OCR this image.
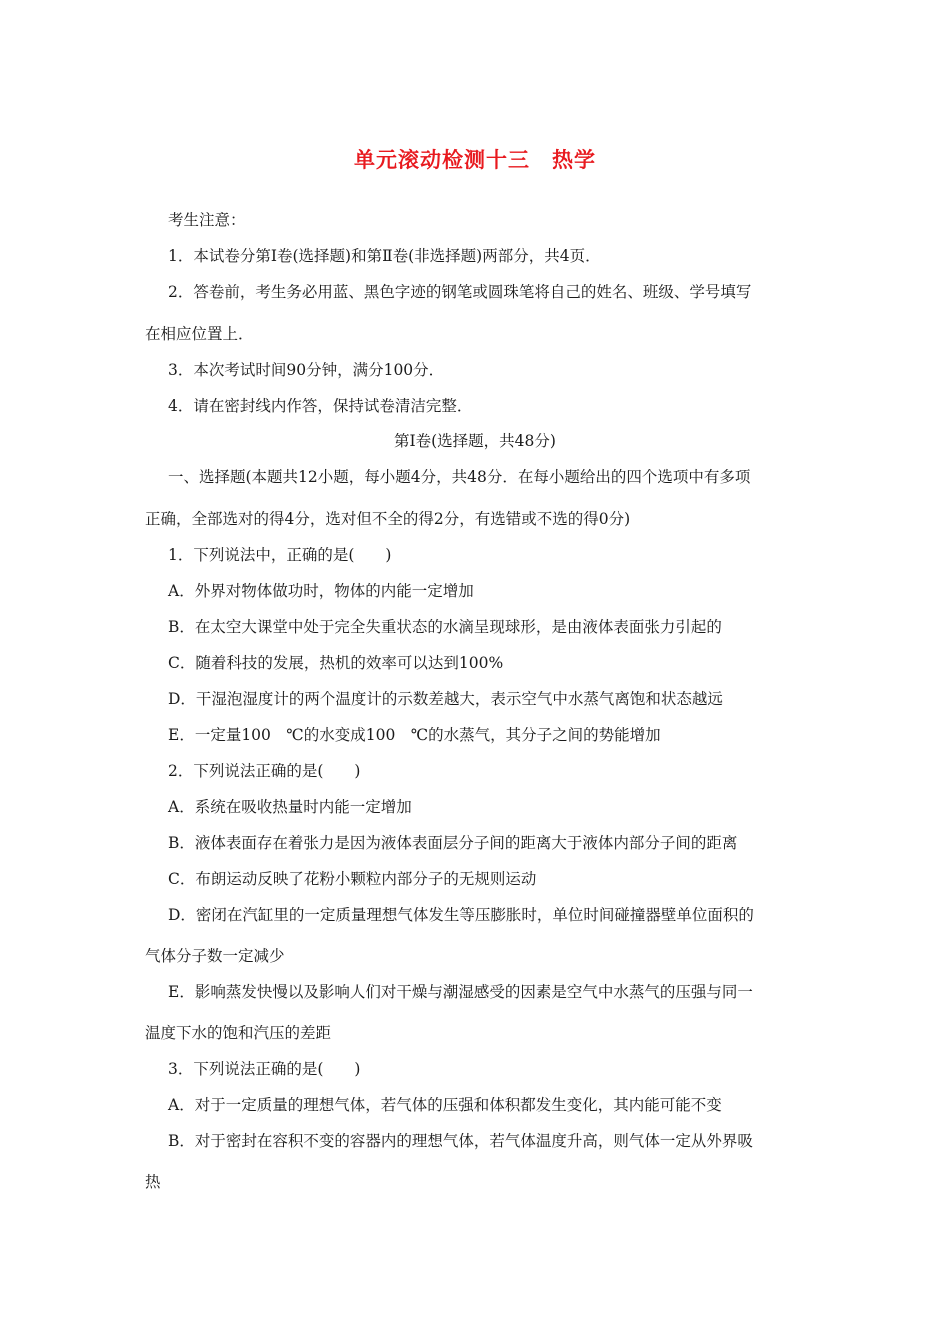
单元滚动检测十三　热学
考生注意：
1．本试卷分第Ⅰ卷(选择题)和第Ⅱ卷(非选择题)两部分，共4页．
2．答卷前，考生务必用蓝、黑色字迹的钢笔或圆珠笔将自己的姓名、班级、学号填写
在相应位置上．
3．本次考试时间90分钟，满分100分．
4．请在密封线内作答，保持试卷清洁完整．
第Ⅰ卷(选择题，共48分)
一、选择题(本题共12小题，每小题4分，共48分．在每小题给出的四个选项中有多项
正确，全部选对的得4分，选对但不全的得2分，有选错或不选的得0分)
1．下列说法中，正确的是(　　)
A．外界对物体做功时，物体的内能一定增加
B．在太空大课堂中处于完全失重状态的水滴呈现球形，是由液体表面张力引起的
C．随着科技的发展，热机的效率可以达到100%
D．干湿泡湿度计的两个温度计的示数差越大，表示空气中水蒸气离饱和状态越远
E．一定量100　℃的水变成100　℃的水蒸气，其分子之间的势能增加
2．下列说法正确的是(　　)
A．系统在吸收热量时内能一定增加
B．液体表面存在着张力是因为液体表面层分子间的距离大于液体内部分子间的距离
C．布朗运动反映了花粉小颗粒内部分子的无规则运动
D．密闭在汽缸里的一定质量理想气体发生等压膨胀时，单位时间碰撞器壁单位面积的
气体分子数一定减少
E．影响蒸发快慢以及影响人们对干燥与潮湿感受的因素是空气中水蒸气的压强与同一
温度下水的饱和汽压的差距
3．下列说法正确的是(　　)
A．对于一定质量的理想气体，若气体的压强和体积都发生变化，其内能可能不变
B．对于密封在容积不变的容器内的理想气体，若气体温度升高，则气体一定从外界吸
热
